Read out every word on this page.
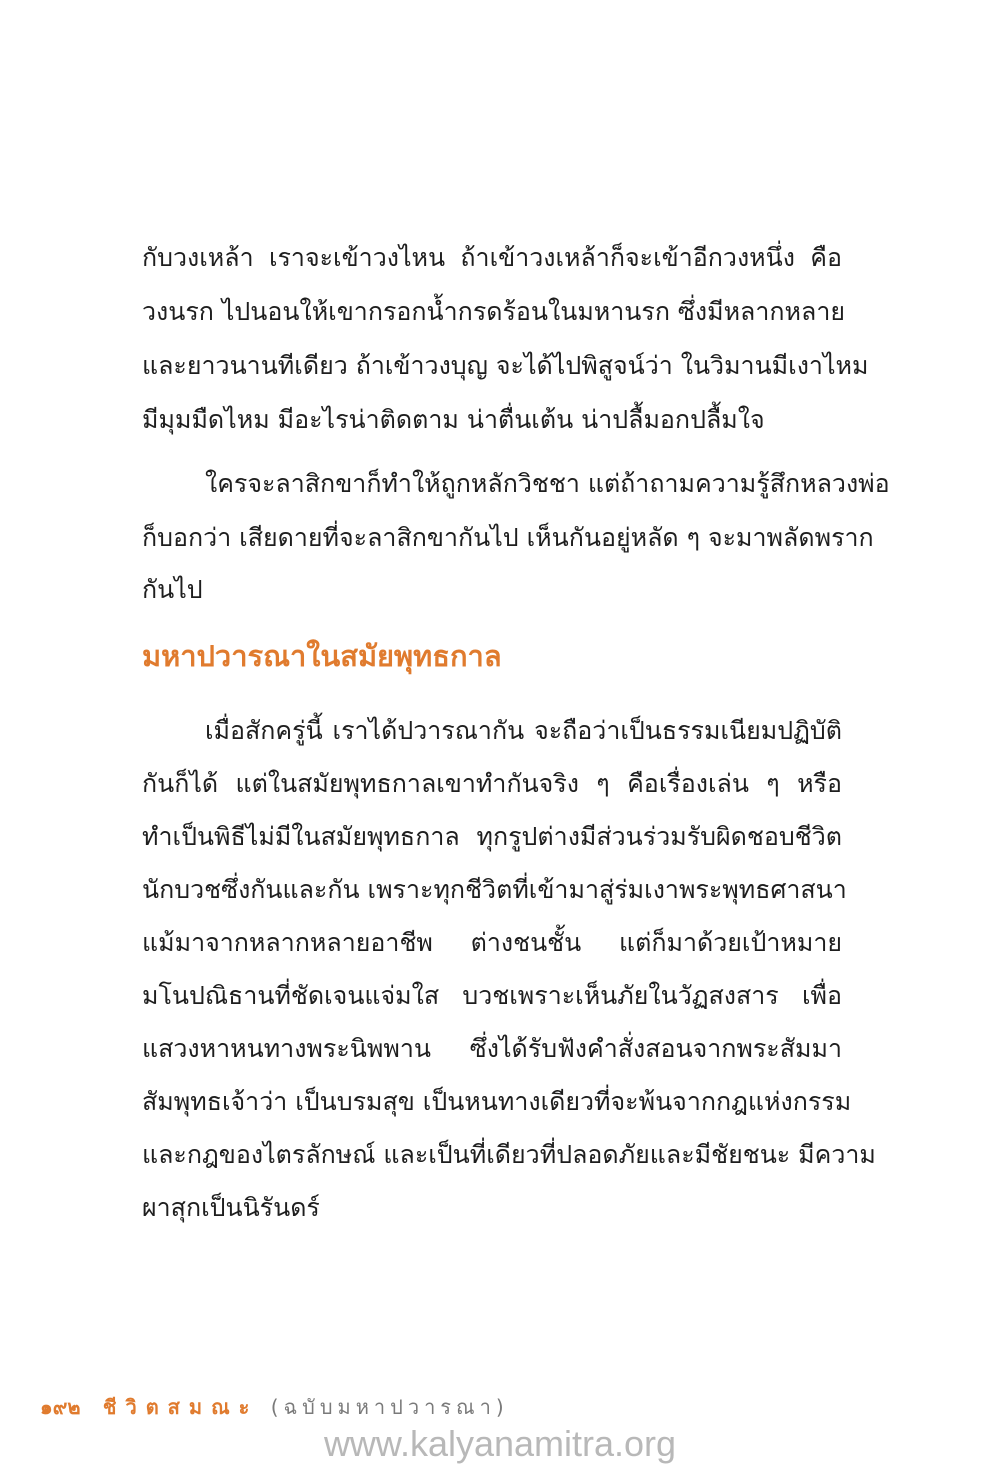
กับวงเหล้า เราจะเข้าวงไหน ถ้าเข้าวงเหล้าก็จะเข้าอีกวงหนึ่ง คือ
วงนรก ไปนอนให้เขากรอกน้ำกรดร้อนในมหานรก ซึ่งมีหลากหลาย
และยาวนานทีเดียว ถ้าเข้าวงบุญ จะได้ไปพิสูจน์ว่า ในวิมานมีเงาไหม
มีมุมมืดไหม มีอะไรน่าติดตาม น่าตื่นเต้น น่าปลื้มอกปลื้มใจ
ใครจะลาสิกขาก็ทำให้ถูกหลักวิชชา แต่ถ้าถามความรู้สึกหลวงพ่อ
ก็บอกว่า เสียดายที่จะลาสิกขากันไป เห็นกันอยู่หลัด ๆ จะมาพลัดพราก
กันไป
มหาปวารณาในสมัยพุทธกาล
เมื่อสักครู่นี้ เราได้ปวารณากัน จะถือว่าเป็นธรรมเนียมปฏิบัติ
กันก็ได้ แต่ในสมัยพุทธกาลเขาทำกันจริง ๆ คือเรื่องเล่น ๆ หรือ
ทำเป็นพิธีไม่มีในสมัยพุทธกาล ทุกรูปต่างมีส่วนร่วมรับผิดชอบชีวิต
นักบวชซึ่งกันและกัน เพราะทุกชีวิตที่เข้ามาสู่ร่มเงาพระพุทธศาสนา
แม้มาจากหลากหลายอาชีพ ต่างชนชั้น แต่ก็มาด้วยเป้าหมาย
มโนปณิธานที่ชัดเจนแจ่มใส บวชเพราะเห็นภัยในวัฏสงสาร เพื่อ
แสวงหาหนทางพระนิพพาน ซึ่งได้รับฟังคำสั่งสอนจากพระสัมมา
สัมพุทธเจ้าว่า เป็นบรมสุข เป็นหนทางเดียวที่จะพ้นจากกฎแห่งกรรม
และกฎของไตรลักษณ์ และเป็นที่เดียวที่ปลอดภัยและมีชัยชนะ มีความ
ผาสุกเป็นนิรันดร์
๑๙๒ ชีวิตสมณะ (ฉบับมหาปวารณา)
www.kalyanamitra.org
